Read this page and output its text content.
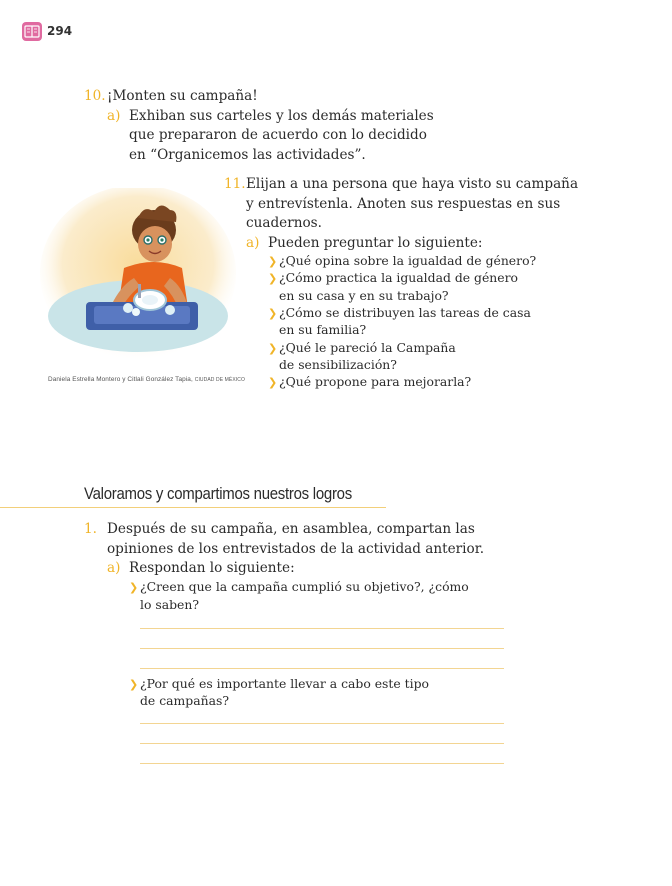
294
10. ¡Monten su campaña!
a) Exhiban sus carteles y los demás materiales
que prepararon de acuerdo con lo decidido
en “Organicemos las actividades”.
Daniela Estrella Montero y Citlali González Tapia, CIUDAD DE MÉXICO
11. Elijan a una persona que haya visto su campaña
y entrevístenla. Anoten sus respuestas en sus
cuadernos.
a) Pueden preguntar lo siguiente:
❯ ¿Qué opina sobre la igualdad de género?
❯ ¿Cómo practica la igualdad de género
en su casa y en su trabajo?
❯ ¿Cómo se distribuyen las tareas de casa
en su familia?
❯ ¿Qué le pareció la Campaña
de sensibilización?
❯ ¿Qué propone para mejorarla?
Valoramos y compartimos nuestros logros
1. Después de su campaña, en asamblea, compartan las
opiniones de los entrevistados de la actividad anterior.
a) Respondan lo siguiente:
❯ ¿Creen que la campaña cumplió su objetivo?, ¿cómo
lo saben?
❯ ¿Por qué es importante llevar a cabo este tipo
de campañas?
